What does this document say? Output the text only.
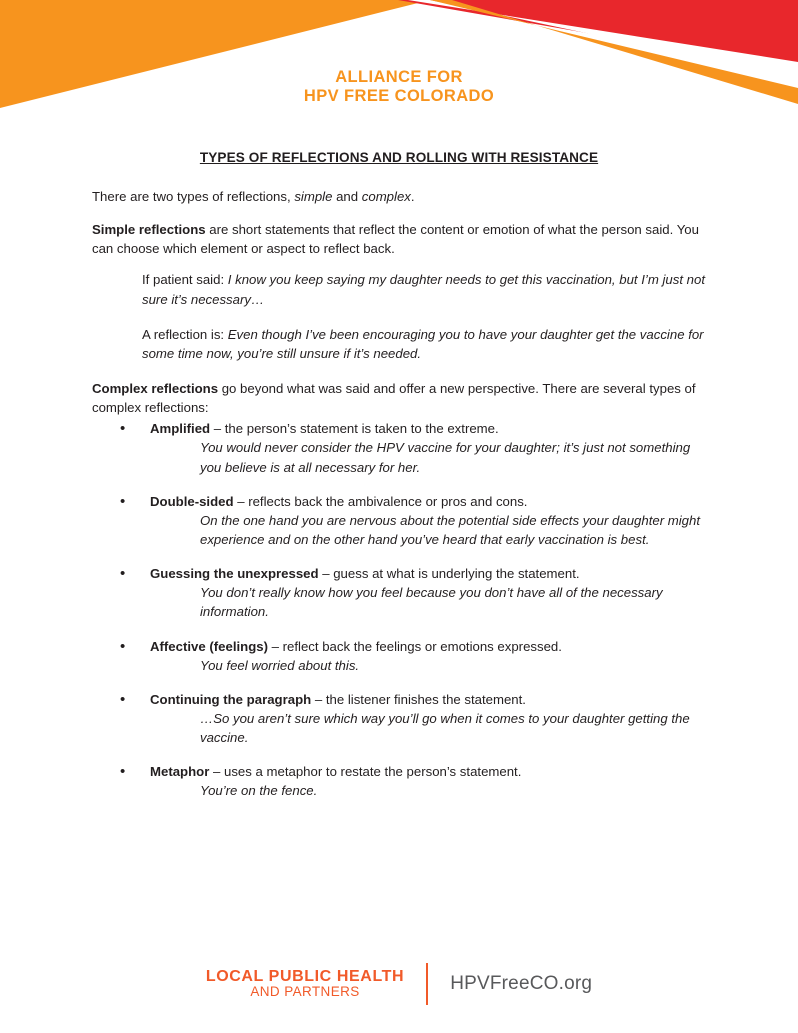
ALLIANCE FOR
HPV FREE COLORADO
TYPES OF REFLECTIONS AND ROLLING WITH RESISTANCE

There are two types of reflections, simple and complex.

Simple reflections are short statements that reflect the content or emotion of what the person said. You can choose which element or aspect to reflect back.

If patient said: I know you keep saying my daughter needs to get this vaccination, but I’m just not sure it’s necessary…
A reflection is: Even though I’ve been encouraging you to have your daughter get the vaccine for some time now, you’re still unsure if it’s needed.

Complex reflections go beyond what was said and offer a new perspective. There are several types of complex reflections:

• Amplified – the person’s statement is taken to the extreme.
You would never consider the HPV vaccine for your daughter; it’s just not something you believe is at all necessary for her.
• Double-sided – reflects back the ambivalence or pros and cons.
On the one hand you are nervous about the potential side effects your daughter might experience and on the other hand you’ve heard that early vaccination is best.
• Guessing the unexpressed – guess at what is underlying the statement.
You don’t really know how you feel because you don’t have all of the necessary information.
• Affective (feelings) – reflect back the feelings or emotions expressed.
You feel worried about this.
• Continuing the paragraph – the listener finishes the statement.
…So you aren’t sure which way you’ll go when it comes to your daughter getting the vaccine.
• Metaphor – uses a metaphor to restate the person’s statement.
You’re on the fence.
LOCAL PUBLIC HEALTH
AND PARTNERS	HPVFreeCO.org
